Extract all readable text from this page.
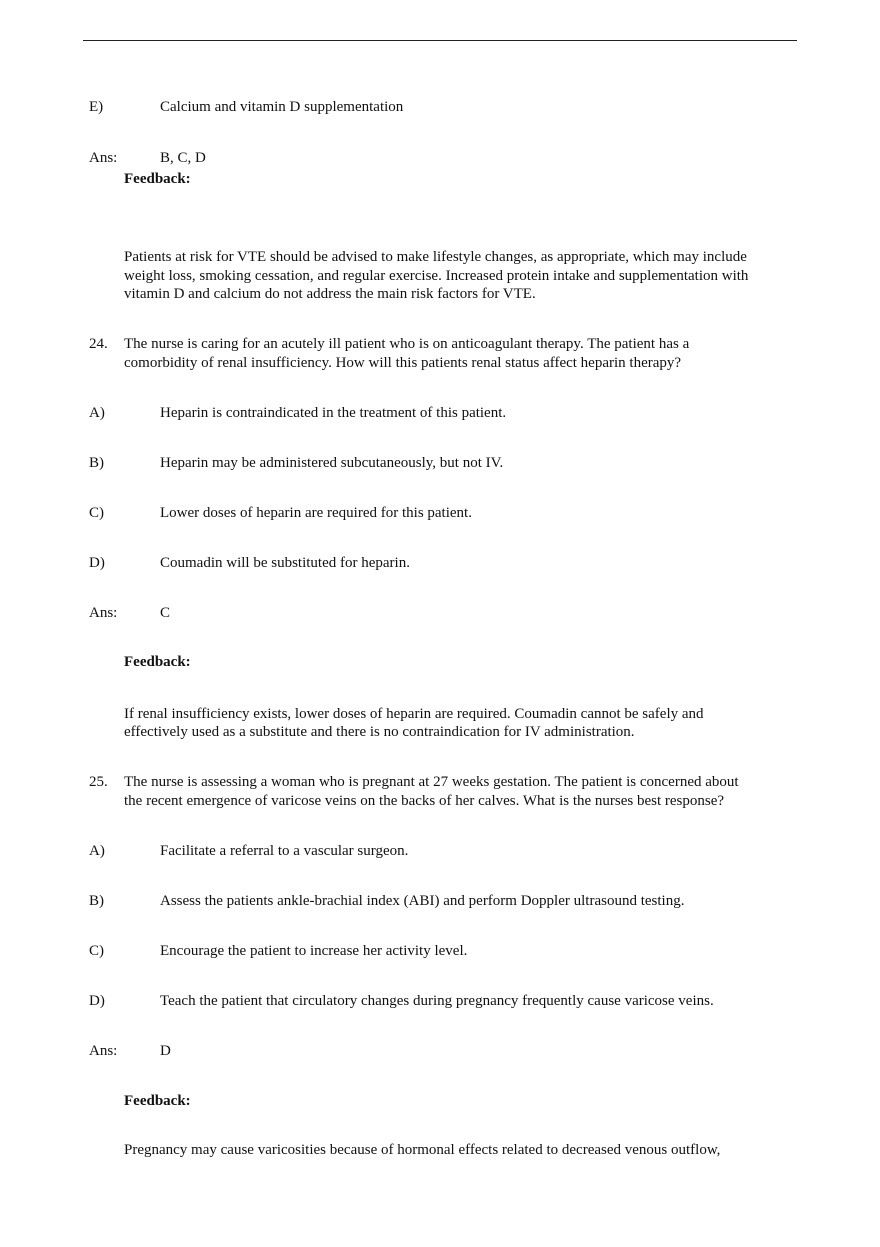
E)	Calcium and vitamin D supplementation
Ans:	B, C, D
Feedback:
Patients at risk for VTE should be advised to make lifestyle changes, as appropriate, which may include
weight loss, smoking cessation, and regular exercise. Increased protein intake and supplementation with
vitamin D and calcium do not address the main risk factors for VTE.
24. The nurse is caring for an acutely ill patient who is on anticoagulant therapy. The patient has a
comorbidity of renal insufficiency. How will this patients renal status affect heparin therapy?
A)	Heparin is contraindicated in the treatment of this patient.
B)	Heparin may be administered subcutaneously, but not IV.
C)	Lower doses of heparin are required for this patient.
D)	Coumadin will be substituted for heparin.
Ans:	C
Feedback:
If renal insufficiency exists, lower doses of heparin are required. Coumadin cannot be safely and
effectively used as a substitute and there is no contraindication for IV administration.
25. The nurse is assessing a woman who is pregnant at 27 weeks gestation. The patient is concerned about
the recent emergence of varicose veins on the backs of her calves. What is the nurses best response?
A)	Facilitate a referral to a vascular surgeon.
B)	Assess the patients ankle-brachial index (ABI) and perform Doppler ultrasound testing.
C)	Encourage the patient to increase her activity level.
D)	Teach the patient that circulatory changes during pregnancy frequently cause varicose veins.
Ans:	D
Feedback:
Pregnancy may cause varicosities because of hormonal effects related to decreased venous outflow,
